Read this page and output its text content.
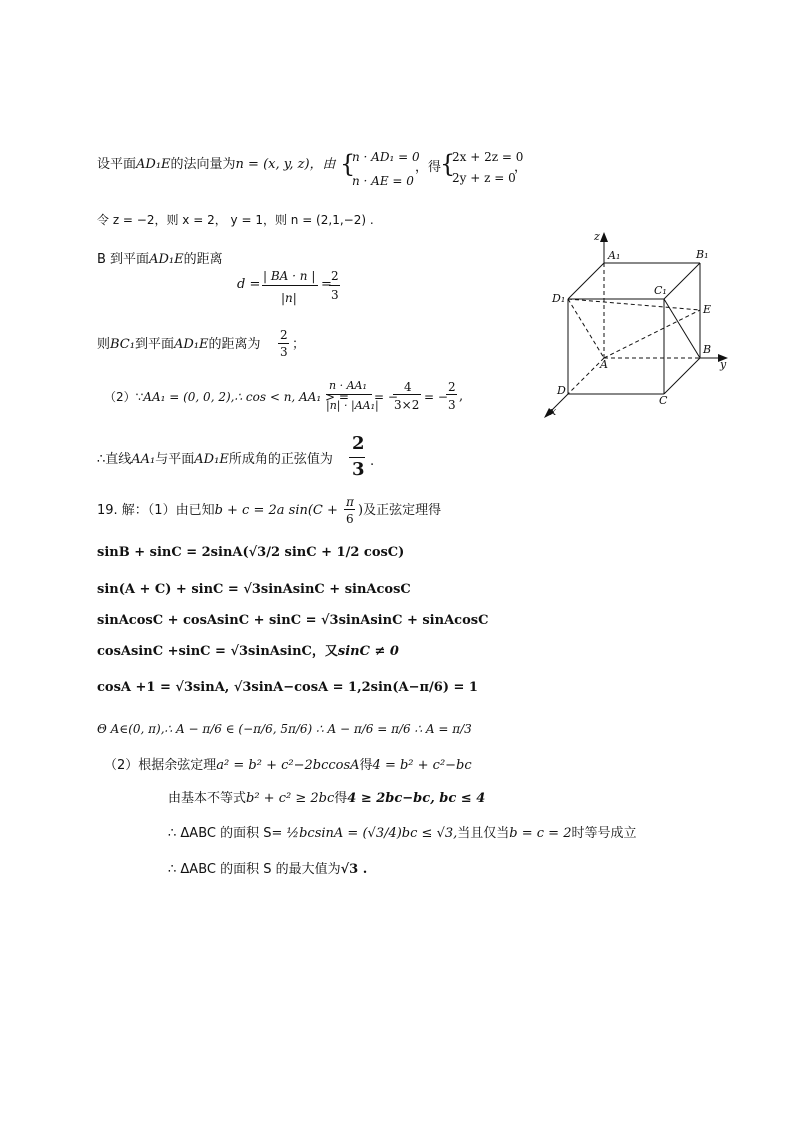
设平面AD₁E的法向量为n = (x, y, z)，由 {
n · AD₁ = 0
n · AE = 0
，得
{
2x + 2z = 0
2y + z = 0
，
令 z = −2，则 x = 2， y = 1，则 n = (2,1,−2) .
B 到平面AD₁E的距离
d =
| BA · n |
|n|
=
2
3
则BC₁到平面AD₁E的距离为
2
3 ；
（2）∵AA₁ = (0, 0, 2),∴ cos < n, AA₁ > =
n · AA₁
|n| · |AA₁|
= −
4
3×2
= −
2
3
,
∴直线AA₁与平面AD₁E所成角的正弦值为
2
3 .
19. 解：（1）由已知b + c = 2a sin(C +
π
6
)及正弦定理得
sinB + sinC = 2sinA(√3/2 sinC + 1/2 cosC)
sin(A + C) + sinC = √3sinAsinC + sinAcosC
sinAcosC + cosAsinC + sinC = √3sinAsinC + sinAcosC
cosAsinC +sinC = √3sinAsinC，又sinC ≠ 0
cosA +1 = √3sinA, √3sinA−cosA = 1,2sin(A−π/6) = 1
Θ A∈(0, π),∴ A − π/6 ∈ (−π/6, 5π/6) ∴ A − π/6 = π/6 ∴ A = π/3
（2）根据余弦定理a² = b² + c²−2bccosA得4 = b² + c²−bc
由基本不等式b² + c² ≥ 2bc得4 ≥ 2bc−bc, bc ≤ 4
∴ ΔABC 的面积 S= ½bcsinA = (√3/4)bc ≤ √3,当且仅当b = c = 2时等号成立
∴ ΔABC 的面积 S 的最大值为√3 .
z
A₁	B₁
C₁
D₁
E
A
B
y
D
C
x
